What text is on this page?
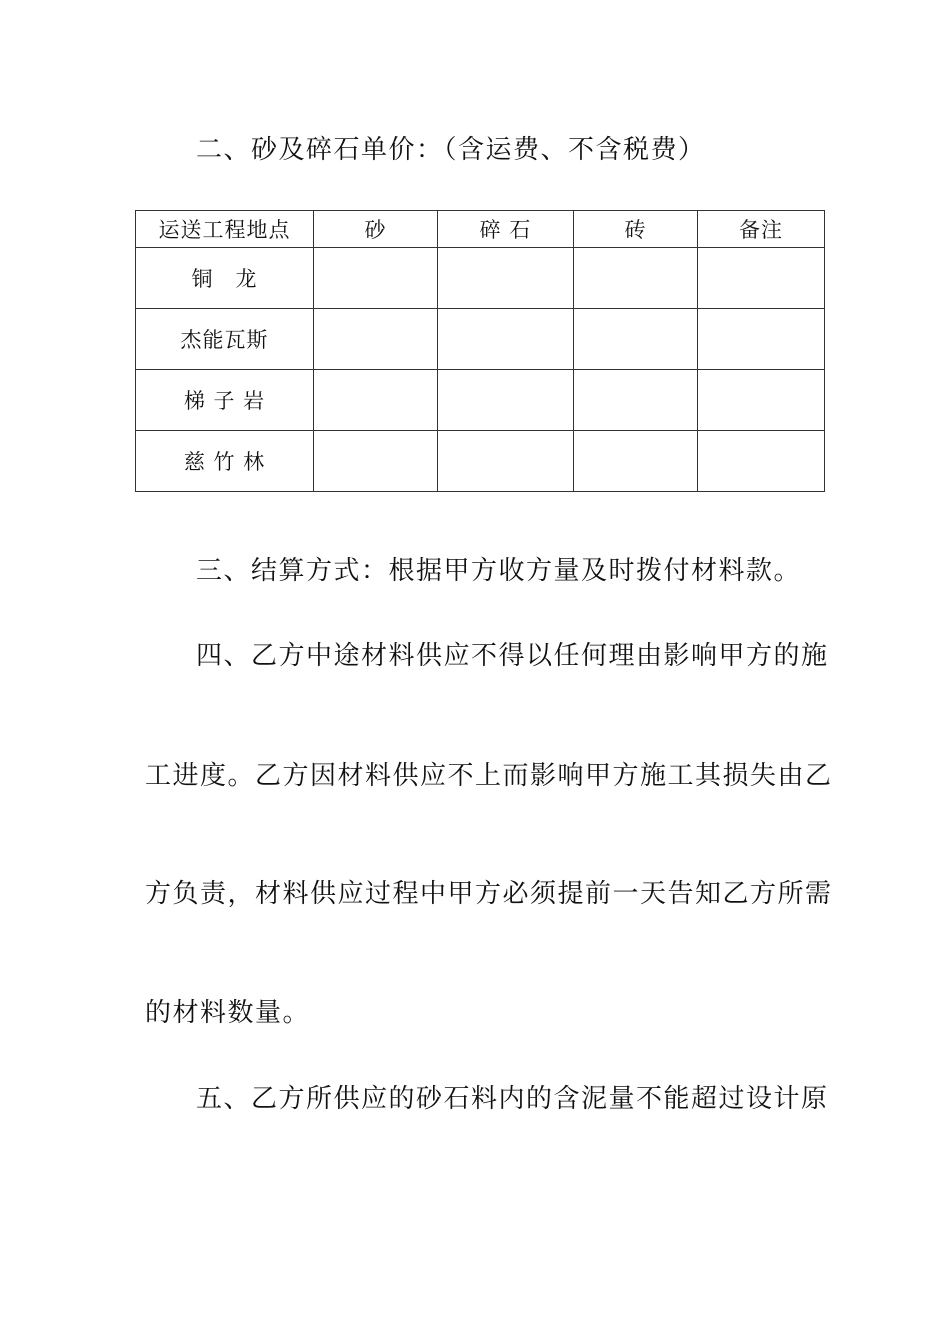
二、砂及碎石单价：（含运费、不含税费）
运送工程地点	砂	碎 石	砖	备注
铜　龙				
杰能瓦斯				
梯 子 岩				
慈 竹 林				
三、结算方式：根据甲方收方量及时拨付材料款。
四、乙方中途材料供应不得以任何理由影响甲方的施
工进度。乙方因材料供应不上而影响甲方施工其损失由乙
方负责，材料供应过程中甲方必须提前一天告知乙方所需
的材料数量。
五、乙方所供应的砂石料内的含泥量不能超过设计原
